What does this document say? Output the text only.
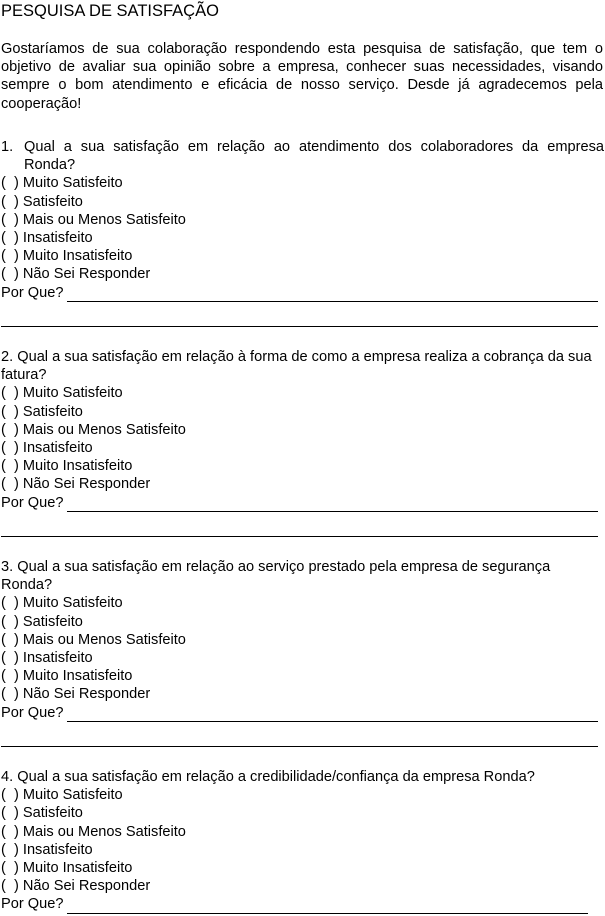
PESQUISA DE SATISFAÇÃO
Gostaríamos de sua colaboração respondendo esta pesquisa de satisfação, que tem o objetivo de avaliar sua opinião sobre a empresa, conhecer suas necessidades, visando sempre o bom atendimento e eficácia de nosso serviço. Desde já agradecemos pela cooperação!
1. Qual a sua satisfação em relação ao atendimento dos colaboradores da empresa Ronda?
(  ) Muito Satisfeito
(  ) Satisfeito
(  ) Mais ou Menos Satisfeito
(  ) Insatisfeito
(  ) Muito Insatisfeito
(  ) Não Sei Responder
Por Que?
2. Qual a sua satisfação em relação à forma de como a empresa realiza a cobrança da sua fatura?
(  ) Muito Satisfeito
(  ) Satisfeito
(  ) Mais ou Menos Satisfeito
(  ) Insatisfeito
(  ) Muito Insatisfeito
(  ) Não Sei Responder
Por Que?
3. Qual a sua satisfação em relação ao serviço prestado pela empresa de segurança Ronda?
(  ) Muito Satisfeito
(  ) Satisfeito
(  ) Mais ou Menos Satisfeito
(  ) Insatisfeito
(  ) Muito Insatisfeito
(  ) Não Sei Responder
Por Que?
4. Qual a sua satisfação em relação a credibilidade/confiança da empresa Ronda?
(  ) Muito Satisfeito
(  ) Satisfeito
(  ) Mais ou Menos Satisfeito
(  ) Insatisfeito
(  ) Muito Insatisfeito
(  ) Não Sei Responder
Por Que?
